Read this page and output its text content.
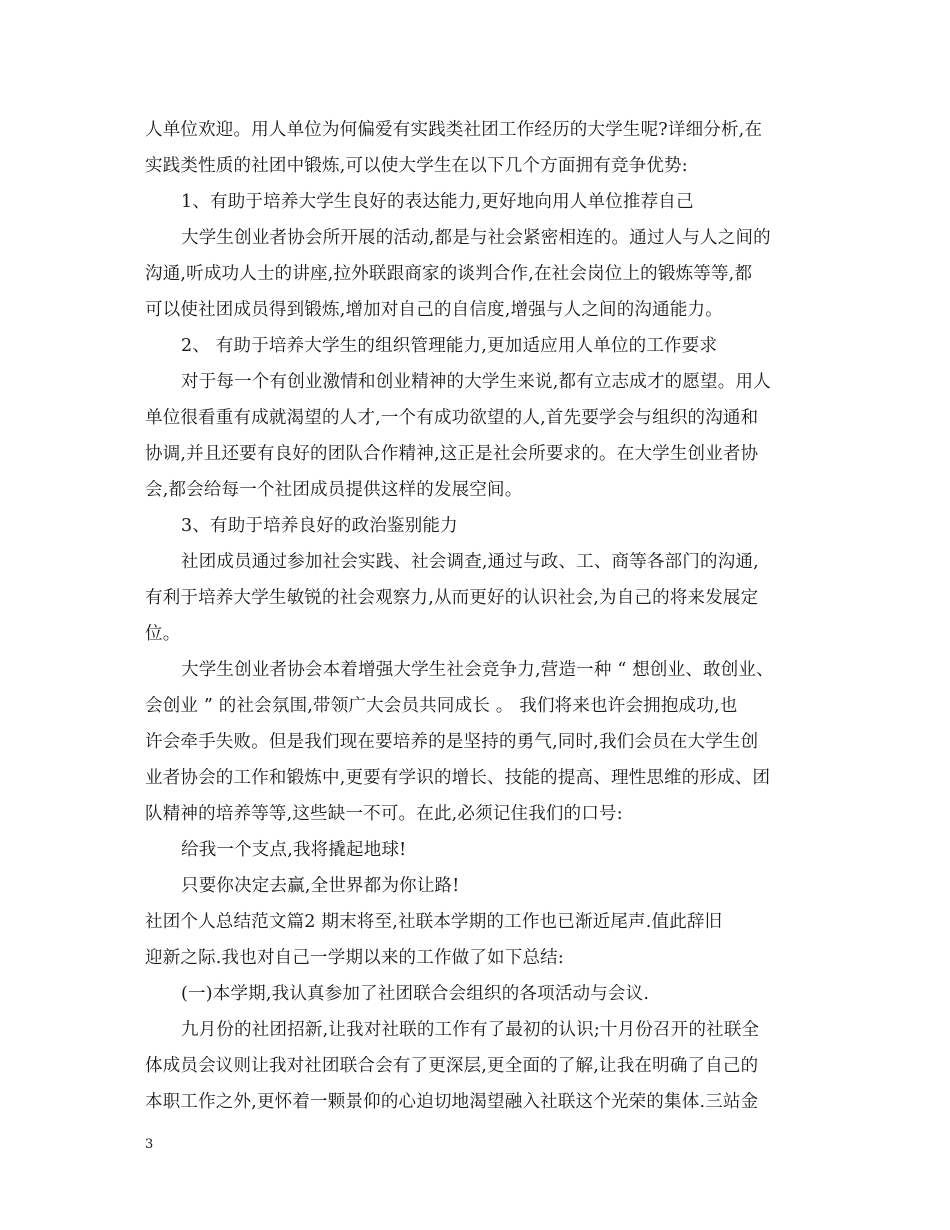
人单位欢迎。用人单位为何偏爱有实践类社团工作经历的大学生呢?详细分析,在
实践类性质的社团中锻炼,可以使大学生在以下几个方面拥有竞争优势:
1、有助于培养大学生良好的表达能力,更好地向用人单位推荐自己
大学生创业者协会所开展的活动,都是与社会紧密相连的。通过人与人之间的
沟通,听成功人士的讲座,拉外联跟商家的谈判合作,在社会岗位上的锻炼等等,都
可以使社团成员得到锻炼,增加对自己的自信度,增强与人之间的沟通能力。
2、 有助于培养大学生的组织管理能力,更加适应用人单位的工作要求
对于每一个有创业激情和创业精神的大学生来说,都有立志成才的愿望。用人
单位很看重有成就渴望的人才,一个有成功欲望的人,首先要学会与组织的沟通和
协调,并且还要有良好的团队合作精神,这正是社会所要求的。在大学生创业者协
会,都会给每一个社团成员提供这样的发展空间。
3、有助于培养良好的政治鉴别能力
社团成员通过参加社会实践、社会调查,通过与政、工、商等各部门的沟通,
有利于培养大学生敏锐的社会观察力,从而更好的认识社会,为自己的将来发展定
位。
大学生创业者协会本着增强大学生社会竞争力,营造一种 “ 想创业、敢创业、
会创业 ” 的社会氛围,带领广大会员共同成长 。 我们将来也许会拥抱成功,也
许会牵手失败。但是我们现在要培养的是坚持的勇气,同时,我们会员在大学生创
业者协会的工作和锻炼中,更要有学识的增长、技能的提高、理性思维的形成、团
队精神的培养等等,这些缺一不可。在此,必须记住我们的口号:
给我一个支点,我将撬起地球!
只要你决定去赢,全世界都为你让路!
社团个人总结范文篇2 期末将至,社联本学期的工作也已渐近尾声.值此辞旧
迎新之际.我也对自己一学期以来的工作做了如下总结:
(一)本学期,我认真参加了社团联合会组织的各项活动与会议.
九月份的社团招新,让我对社联的工作有了最初的认识;十月份召开的社联全
体成员会议则让我对社团联合会有了更深层,更全面的了解,让我在明确了自己的
本职工作之外,更怀着一颗景仰的心迫切地渴望融入社联这个光荣的集体.三站金
3
